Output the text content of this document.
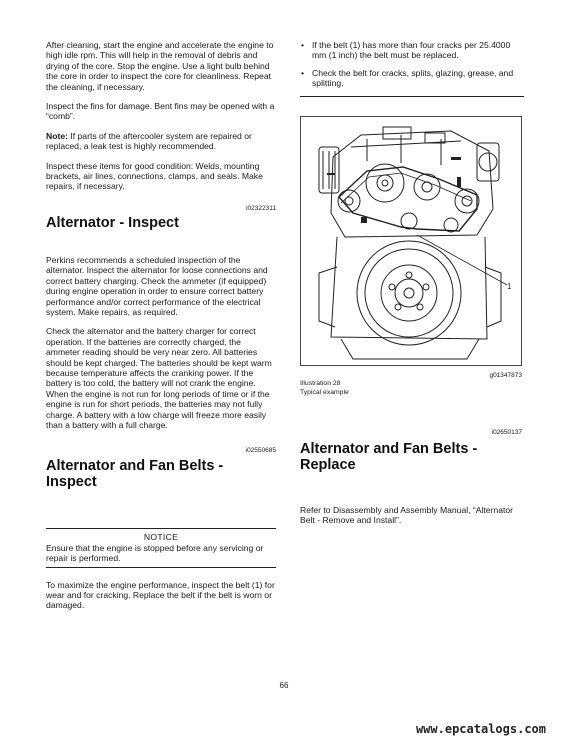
After cleaning, start the engine and accelerate the engine to high idle rpm. This will help in the removal of debris and drying of the core. Stop the engine. Use a light bulb behind the core in order to inspect the core for cleanliness. Repeat the cleaning, if necessary.

Inspect the fins for damage. Bent fins may be opened with a “comb”.

Note: If parts of the aftercooler system are repaired or replaced, a leak test is highly recommended.

Inspect these items for good condition: Welds, mounting brackets, air lines, connections, clamps, and seals. Make repairs, if necessary.

i02322311

Alternator - Inspect

Perkins recommends a scheduled inspection of the alternator. Inspect the alternator for loose connections and correct battery charging. Check the ammeter (if equipped) during engine operation in order to ensure correct battery performance and/or correct performance of the electrical system. Make repairs, as required.

Check the alternator and the battery charger for correct operation. If the batteries are correctly charged, the ammeter reading should be very near zero. All batteries should be kept charged. The batteries should be kept warm because temperature affects the cranking power. If the battery is too cold, the battery will not crank the engine. When the engine is not run for long periods of time or if the engine is run for short periods, the batteries may not fully charge. A battery with a low charge will freeze more easily than a battery with a full charge.

i02550685

Alternator and Fan Belts - Inspect
NOTICE

Ensure that the engine is stopped before any servicing or repair is performed.

To maximize the engine performance, inspect the belt (1) for wear and for cracking. Replace the belt if the belt is worn or damaged.

• If the belt (1) has more than four cracks per 25.4000 mm (1 inch) the belt must be replaced.
• Check the belt for cracks, splits, glazing, grease, and splitting.
1

g01347873

Illustration 28
Typical example

i02650137

Alternator and Fan Belts - Replace

Refer to Disassembly and Assembly Manual, “Alternator Belt - Remove and Install”.

66
www.epcatalogs.com
